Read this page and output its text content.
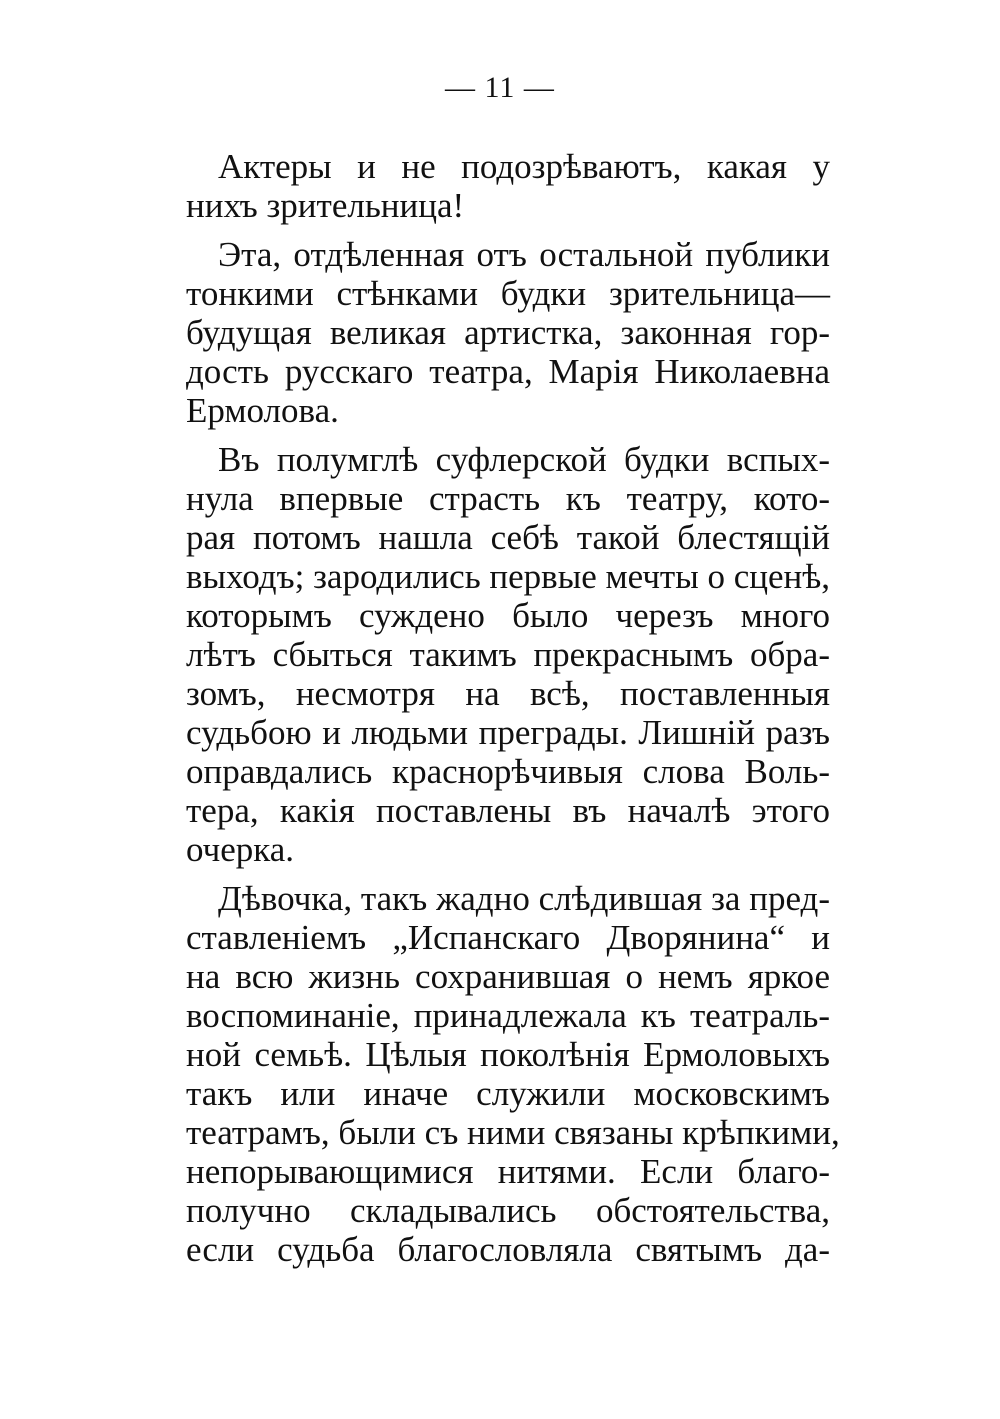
— 11 —
Актеры и не подозрѣваютъ, какая у
нихъ зрительница!
Эта, отдѣленная отъ остальной публики
тонкими стѣнками будки зрительница—
будущая великая артистка, законная гор-
дость русскаго театра, Марія Николаевна
Ермолова.
Въ полумглѣ суфлерской будки вспых-
нула впервые страсть къ театру, кото-
рая потомъ нашла себѣ такой блестящій
выходъ; зародились первые мечты о сценѣ,
которымъ суждено было черезъ много
лѣтъ сбыться такимъ прекраснымъ обра-
зомъ, несмотря на всѣ, поставленныя
судьбою и людьми преграды. Лишній разъ
оправдались краснорѣчивыя слова Воль-
тера, какія поставлены въ началѣ этого
очерка.
Дѣвочка, такъ жадно слѣдившая за пред-
ставленіемъ „Испанскаго Дворянина“ и
на всю жизнь сохранившая о немъ яркое
воспоминаніе, принадлежала къ театраль-
ной семьѣ. Цѣлыя поколѣнія Ермоловыхъ
такъ или иначе служили московскимъ
театрамъ, были съ ними связаны крѣпкими,
непорывающимися нитями. Если благо-
получно складывались обстоятельства,
если судьба благословляла святымъ да-
